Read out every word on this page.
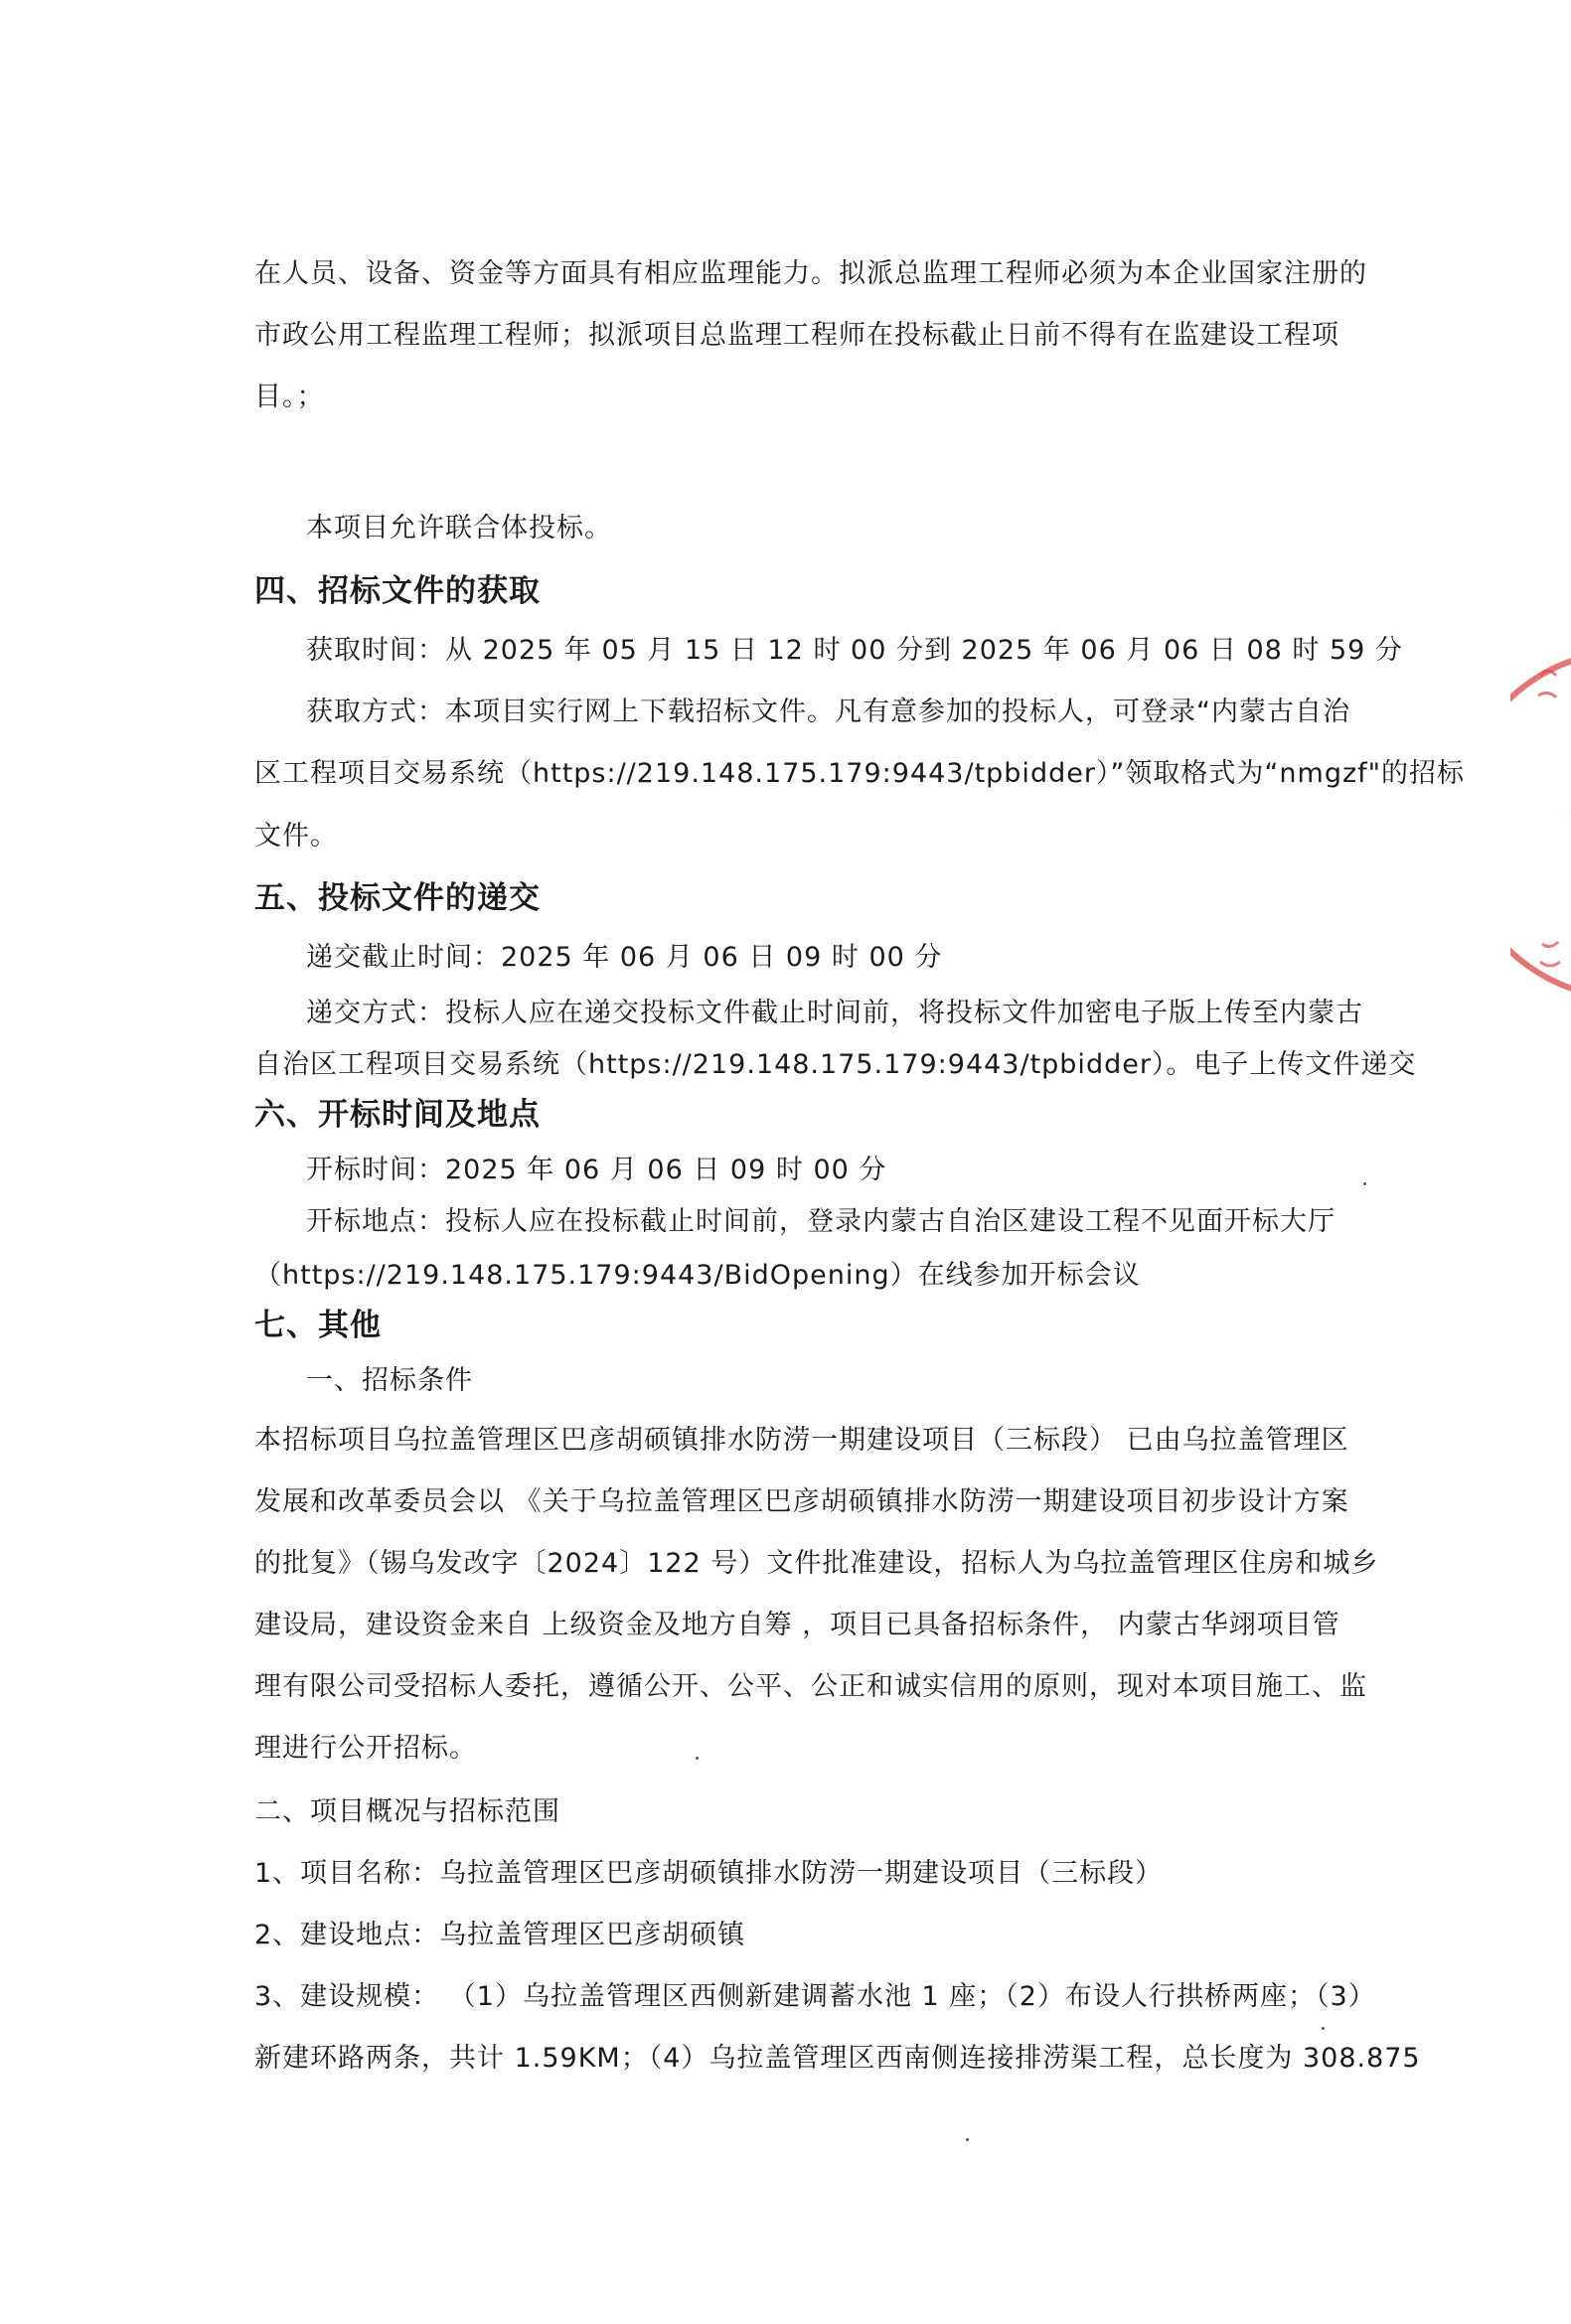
在人员、设备、资金等方面具有相应监理能力。拟派总监理工程师必须为本企业国家注册的
市政公用工程监理工程师；拟派项目总监理工程师在投标截止日前不得有在监建设工程项
目。；
本项目允许联合体投标。
四、招标文件的获取
获取时间：从 2025 年 05 月 15 日 12 时 00 分到 2025 年 06 月 06 日 08 时 59 分
获取方式：本项目实行网上下载招标文件。凡有意参加的投标人，可登录“内蒙古自治
区工程项目交易系统（https://219.148.175.179:9443/tpbidder）”领取格式为“nmgzf"的招标
文件。
五、投标文件的递交
递交截止时间：2025 年 06 月 06 日 09 时 00 分
递交方式：投标人应在递交投标文件截止时间前，将投标文件加密电子版上传至内蒙古
自治区工程项目交易系统（https://219.148.175.179:9443/tpbidder）。电子上传文件递交
六、开标时间及地点
开标时间：2025 年 06 月 06 日 09 时 00 分
开标地点：投标人应在投标截止时间前，登录内蒙古自治区建设工程不见面开标大厅
（https://219.148.175.179:9443/BidOpening）在线参加开标会议
七、其他
一、招标条件
本招标项目乌拉盖管理区巴彦胡硕镇排水防涝一期建设项目（三标段） 已由乌拉盖管理区
发展和改革委员会以 《关于乌拉盖管理区巴彦胡硕镇排水防涝一期建设项目初步设计方案
的批复》（锡乌发改字〔2024〕122 号）文件批准建设，招标人为乌拉盖管理区住房和城乡
建设局，建设资金来自 上级资金及地方自筹 ，项目已具备招标条件， 内蒙古华翊项目管
理有限公司受招标人委托，遵循公开、公平、公正和诚实信用的原则，现对本项目施工、监
理进行公开招标。
二、项目概况与招标范围
1、项目名称：乌拉盖管理区巴彦胡硕镇排水防涝一期建设项目（三标段）
2、建设地点：乌拉盖管理区巴彦胡硕镇
3、建设规模： （1）乌拉盖管理区西侧新建调蓄水池 1 座；（2）布设人行拱桥两座；（3）
新建环路两条，共计 1.59KM；（4）乌拉盖管理区西南侧连接排涝渠工程，总长度为 308.875
